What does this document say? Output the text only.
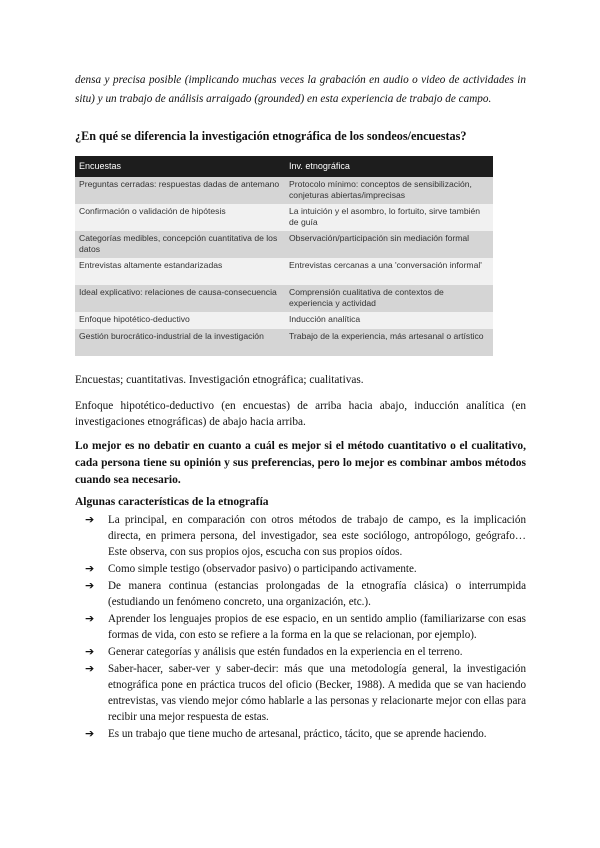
densa y precisa posible (implicando muchas veces la grabación en audio o video de actividades in situ) y un trabajo de análisis arraigado (grounded) en esta experiencia de trabajo de campo.

¿En qué se diferencia la investigación etnográfica de los sondeos/encuestas?

Encuestas	Inv. etnográfica
Preguntas cerradas: respuestas dadas de antemano	Protocolo mínimo: conceptos de sensibilización, conjeturas abiertas/imprecisas
Confirmación o validación de hipótesis	La intuición y el asombro, lo fortuito, sirve también de guía
Categorías medibles, concepción cuantitativa de los datos	Observación/participación sin mediación formal
Entrevistas altamente estandarizadas	Entrevistas cercanas a una 'conversación informal'
Ideal explicativo: relaciones de causa-consecuencia	Comprensión cualitativa de contextos de experiencia y actividad
Enfoque hipotético-deductivo	Inducción analítica
Gestión burocrático-industrial de la investigación	Trabajo de la experiencia, más artesanal o artístico

Encuestas; cuantitativas. Investigación etnográfica; cualitativas.

Enfoque hipotético-deductivo (en encuestas) de arriba hacia abajo, inducción analítica (en investigaciones etnográficas) de abajo hacia arriba.

Lo mejor es no debatir en cuanto a cuál es mejor si el método cuantitativo o el cualitativo, cada persona tiene su opinión y sus preferencias, pero lo mejor es combinar ambos métodos cuando sea necesario.

Algunas características de la etnografía
➔ La principal, en comparación con otros métodos de trabajo de campo, es la implicación directa, en primera persona, del investigador, sea este sociólogo, antropólogo, geógrafo… Este observa, con sus propios ojos, escucha con sus propios oídos.
➔ Como simple testigo (observador pasivo) o participando activamente.
➔ De manera continua (estancias prolongadas de la etnografía clásica) o interrumpida (estudiando un fenómeno concreto, una organización, etc.).
➔ Aprender los lenguajes propios de ese espacio, en un sentido amplio (familiarizarse con esas formas de vida, con esto se refiere a la forma en la que se relacionan, por ejemplo).
➔ Generar categorías y análisis que estén fundados en la experiencia en el terreno.
➔ Saber-hacer, saber-ver y saber-decir: más que una metodología general, la investigación etnográfica pone en práctica trucos del oficio (Becker, 1988). A medida que se van haciendo entrevistas, vas viendo mejor cómo hablarle a las personas y relacionarte mejor con ellas para recibir una mejor respuesta de estas.
➔ Es un trabajo que tiene mucho de artesanal, práctico, tácito, que se aprende haciendo.
